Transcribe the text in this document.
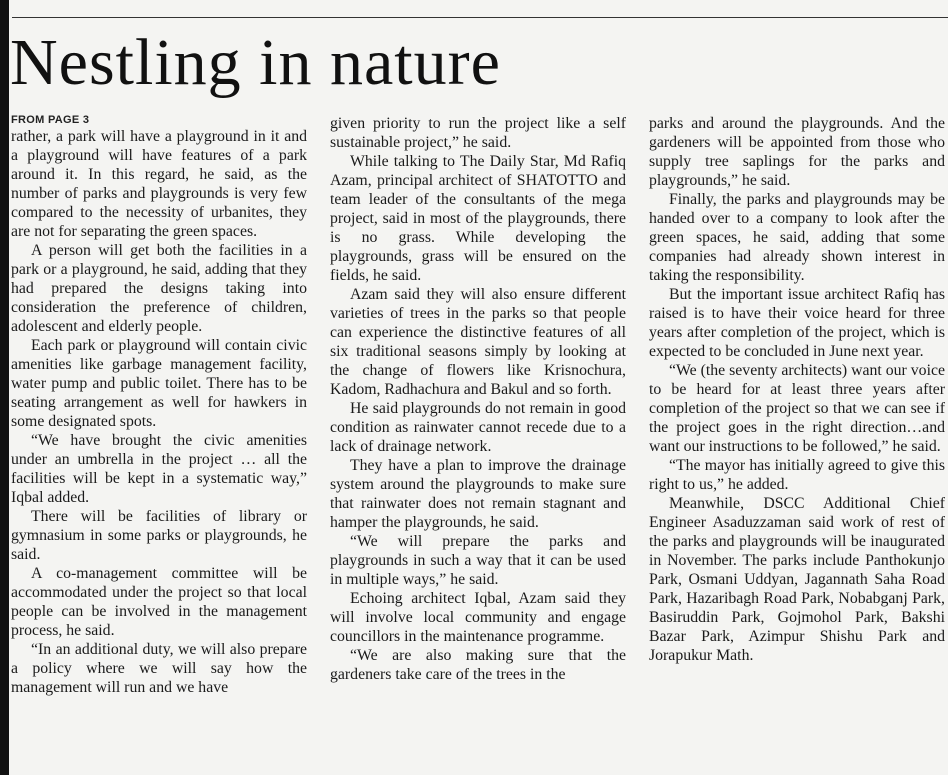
Nestling in nature
FROM PAGE 3

rather, a park will have a playground in it and a playground will have features of a park around it. In this regard, he said, as the number of parks and playgrounds is very few compared to the necessity of urbanites, they are not for separating the green spaces.

A person will get both the facilities in a park or a playground, he said, adding that they had prepared the designs taking into consideration the preference of children, adolescent and elderly people.

Each park or playground will contain civic amenities like garbage management facility, water pump and public toilet. There has to be seating arrangement as well for hawkers in some designated spots.

“We have brought the civic amenities under an umbrella in the project … all the facilities will be kept in a systematic way,” Iqbal added.

There will be facilities of library or gymnasium in some parks or playgrounds, he said.

A co-management committee will be accommodated under the project so that local people can be involved in the management process, he said.

“In an additional duty, we will also prepare a policy where we will say how the management will run and we have

given priority to run the project like a self sustainable project,” he said.

While talking to The Daily Star, Md Rafiq Azam, principal architect of SHATOTTO and team leader of the consultants of the mega project, said in most of the playgrounds, there is no grass. While developing the playgrounds, grass will be ensured on the fields, he said.

Azam said they will also ensure different varieties of trees in the parks so that people can experience the distinctive features of all six traditional seasons simply by looking at the change of flowers like Krisnochura, Kadom, Radhachura and Bakul and so forth.

He said playgrounds do not remain in good condition as rainwater cannot recede due to a lack of drainage network.

They have a plan to improve the drainage system around the playgrounds to make sure that rainwater does not remain stagnant and hamper the playgrounds, he said.

“We will prepare the parks and playgrounds in such a way that it can be used in multiple ways,” he said.

Echoing architect Iqbal, Azam said they will involve local community and engage councillors in the maintenance programme.

“We are also making sure that the gardeners take care of the trees in the

parks and around the playgrounds. And the gardeners will be appointed from those who supply tree saplings for the parks and playgrounds,” he said.

Finally, the parks and playgrounds may be handed over to a company to look after the green spaces, he said, adding that some companies had already shown interest in taking the responsibility.

But the important issue architect Rafiq has raised is to have their voice heard for three years after completion of the project, which is expected to be concluded in June next year.

“We (the seventy architects) want our voice to be heard for at least three years after completion of the project so that we can see if the project goes in the right direction…and want our instructions to be followed,” he said.

“The mayor has initially agreed to give this right to us,” he added.

Meanwhile, DSCC Additional Chief Engineer Asaduzzaman said work of rest of the parks and playgrounds will be inaugurated in November. The parks include Panthokunjo Park, Osmani Uddyan, Jagannath Saha Road Park, Hazaribagh Road Park, Nobabganj Park, Basiruddin Park, Gojmohol Park, Bakshi Bazar Park, Azimpur Shishu Park and Jorapukur Math.
